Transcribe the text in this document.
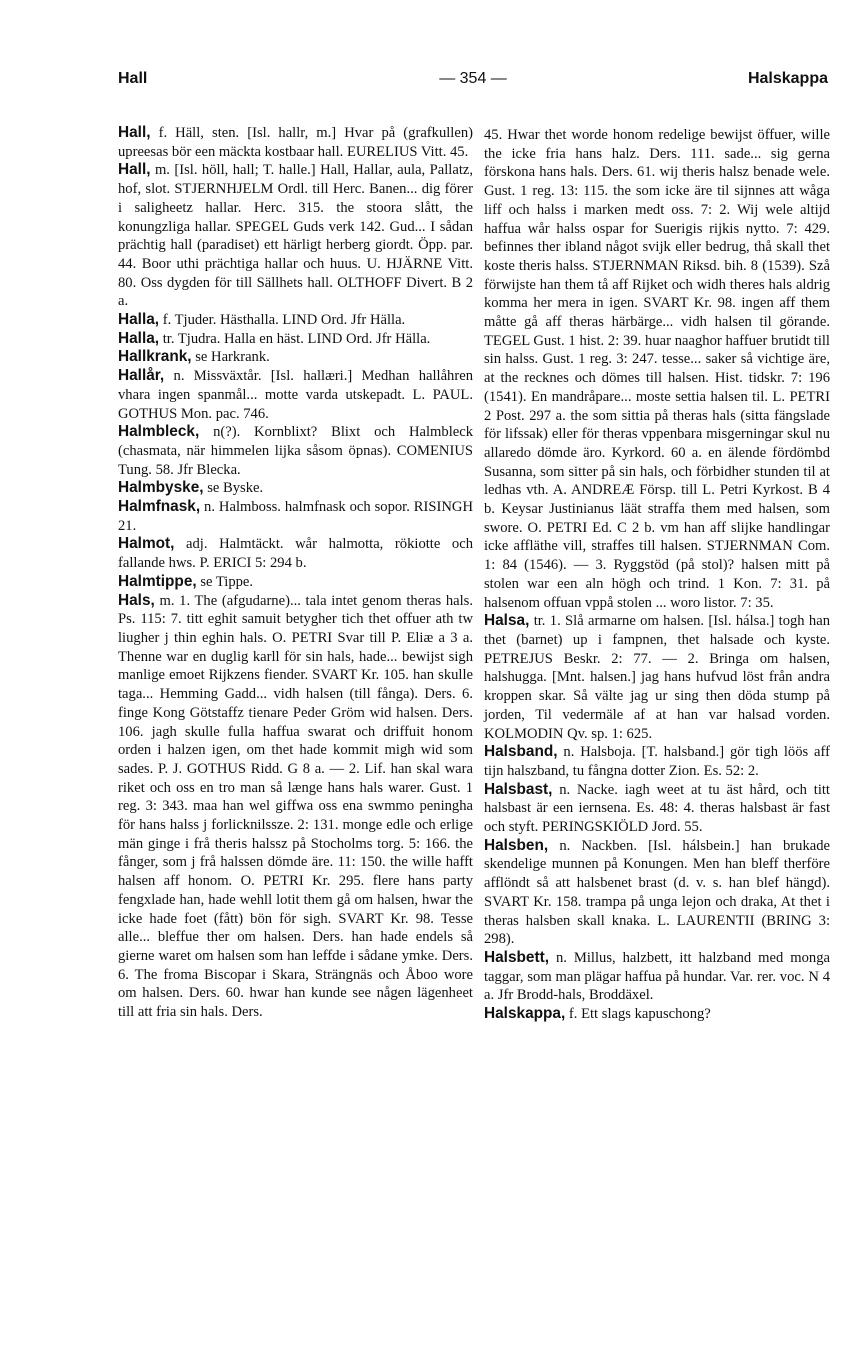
Hall	— 354 —	Halskappa

Hall, f. Häll, sten. [Isl. hallr, m.] Hvar på (grafkullen) upreesas bör een mäckta kostbaar hall. EURELIUS Vitt. 45.

Hall, m. [Isl. höll, hall; T. halle.] Hall, Hallar, aula, Pallatz, hof, slot. STJERNHJELM Ordl. till Herc. Banen... dig förer i saligheetz hallar. Herc. 315. the stoora slått, the konungzliga hallar. SPEGEL Guds verk 142. Gud... I sådan prächtig hall (paradiset) ett härligt herberg giordt. Öpp. par. 44. Boor uthi prächtiga hallar och huus. U. HJÄRNE Vitt. 80. Oss dygden för till Sällhets hall. OLTHOFF Divert. B 2 a.

Halla, f. Tjuder. Hästhalla. LIND Ord. Jfr Hälla.

Halla, tr. Tjudra. Halla en häst. LIND Ord. Jfr Hälla.

Hallkrank, se Harkrank.

Hallår, n. Missväxtår. [Isl. hallæri.] Medhan hallåhren vhara ingen spanmål... motte varda utskepadt. L. PAUL. GOTHUS Mon. pac. 746.

Halmbleck, n(?). Kornblixt? Blixt och Halmbleck (chasmata, när himmelen lijka såsom öpnas). COMENIUS Tung. 58. Jfr Blecka.

Halmbyske, se Byske.

Halmfnask, n. Halmboss. halmfnask och sopor. RISINGH 21.

Halmot, adj. Halmtäckt. wår halmotta, rökiotte och fallande hws. P. ERICI 5: 294 b.

Halmtippe, se Tippe.

Hals, m. 1. The (afgudarne)... tala intet genom theras hals. Ps. 115: 7. titt eghit samuit betygher tich thet offuer ath tw liugher j thin eghin hals. O. PETRI Svar till P. Eliæ a 3 a. Thenne war en duglig karll för sin hals, hade... bewijst sigh manlige emoet Rijkzens fiender. SVART Kr. 105. han skulle taga... Hemming Gadd... vidh halsen (till fånga). Ders. 6. finge Kong Götstaffz tienare Peder Gröm wid halsen. Ders. 106. jagh skulle fulla haffua swarat och driffuit honom orden i halzen igen, om thet hade kommit migh wid som sades. P. J. GOTHUS Ridd. G 8 a. — 2. Lif. han skal wara riket och oss en tro man så længe hans hals warer. Gust. 1 reg. 3: 343. maa han wel giffwa oss ena swmmo peningha för hans halss j forlicknilssze. 2: 131. monge edle och erlige män ginge i frå theris halssz på Stocholms torg. 5: 166. the fånger, som j frå halssen dömde äre. 11: 150. the wille hafft halsen aff honom. O. PETRI Kr. 295. flere hans party fengxlade han, hade wehll lotit them gå om halsen, hwar the icke hade foet (fått) bön för sigh. SVART Kr. 98. Tesse alle... bleffue ther om halsen. Ders. han hade endels så gierne waret om halsen som han leffde i sådane ymke. Ders. 6. The froma Biscopar i Skara, Strängnäs och Åboo wore om halsen. Ders. 60. hwar han kunde see någen lägenheet till att fria sin hals. Ders.

45. Hwar thet worde honom redelige bewijst öffuer, wille the icke fria hans halz. Ders. 111. sade... sig gerna förskona hans hals. Ders. 61. wij theris halsz benade wele. Gust. 1 reg. 13: 115. the som icke äre til sijnnes att wåga liff och halss i marken medt oss. 7: 2. Wij wele altijd haffua wår halss ospar for Suerigis rijkis nytto. 7: 429. befinnes ther ibland något svijk eller bedrug, thå skall thet koste theris halss. STJERNMAN Riksd. bih. 8 (1539). Szå förwijste han them tå aff Rijket och widh theres hals aldrig komma her mera in igen. SVART Kr. 98. ingen aff them måtte gå aff theras härbärge... vidh halsen til görande. TEGEL Gust. 1 hist. 2: 39. huar naaghor haffuer brutidt till sin halss. Gust. 1 reg. 3: 247. tesse... saker så vichtige äre, at the recknes och dömes till halsen. Hist. tidskr. 7: 196 (1541). En mandråpare... moste settia halsen til. L. PETRI 2 Post. 297 a. the som sittia på theras hals (sitta fängslade för lifssak) eller för theras vppenbara misgerningar skul nu allaredo dömde äro. Kyrkord. 60 a. en älende fördömbd Susanna, som sitter på sin hals, och förbidher stunden til at ledhas vth. A. ANDREÆ Försp. till L. Petri Kyrkost. B 4 b. Keysar Justinianus läät straffa them med halsen, som swore. O. PETRI Ed. C 2 b. vm han aff slijke handlingar icke affläthe vill, straffes till halsen. STJERNMAN Com. 1: 84 (1546). — 3. Ryggstöd (på stol)? halsen mitt på stolen war een aln högh och trind. 1 Kon. 7: 31. på halsenom offuan vppå stolen ... woro listor. 7: 35.

Halsa, tr. 1. Slå armarne om halsen. [Isl. hálsa.] togh han thet (barnet) up i fampnen, thet halsade och kyste. PETREJUS Beskr. 2: 77. — 2. Bringa om halsen, halshugga. [Mnt. halsen.] jag hans hufvud löst från andra kroppen skar. Så välte jag ur sing then döda stump på jorden, Til vedermäle af at han var halsad vorden. KOLMODIN Qv. sp. 1: 625.

Halsband, n. Halsboja. [T. halsband.] gör tigh löös aff tijn halszband, tu fångna dotter Zion. Es. 52: 2.

Halsbast, n. Nacke. iagh weet at tu äst hård, och titt halsbast är een iernsena. Es. 48: 4. theras halsbast är fast och styft. PERINGSKIÖLD Jord. 55.

Halsben, n. Nackben. [Isl. hálsbein.] han brukade skendelige munnen på Konungen. Men han bleff therföre afflöndt så att halsbenet brast (d. v. s. han blef hängd). SVART Kr. 158. trampa på unga lejon och draka, At thet i theras halsben skall knaka. L. LAURENTII (BRING 3: 298).

Halsbett, n. Millus, halzbett, itt halzband med monga taggar, som man plägar haffua på hundar. Var. rer. voc. N 4 a. Jfr Brodd-hals, Broddäxel.

Halskappa, f. Ett slags kapuschong?
